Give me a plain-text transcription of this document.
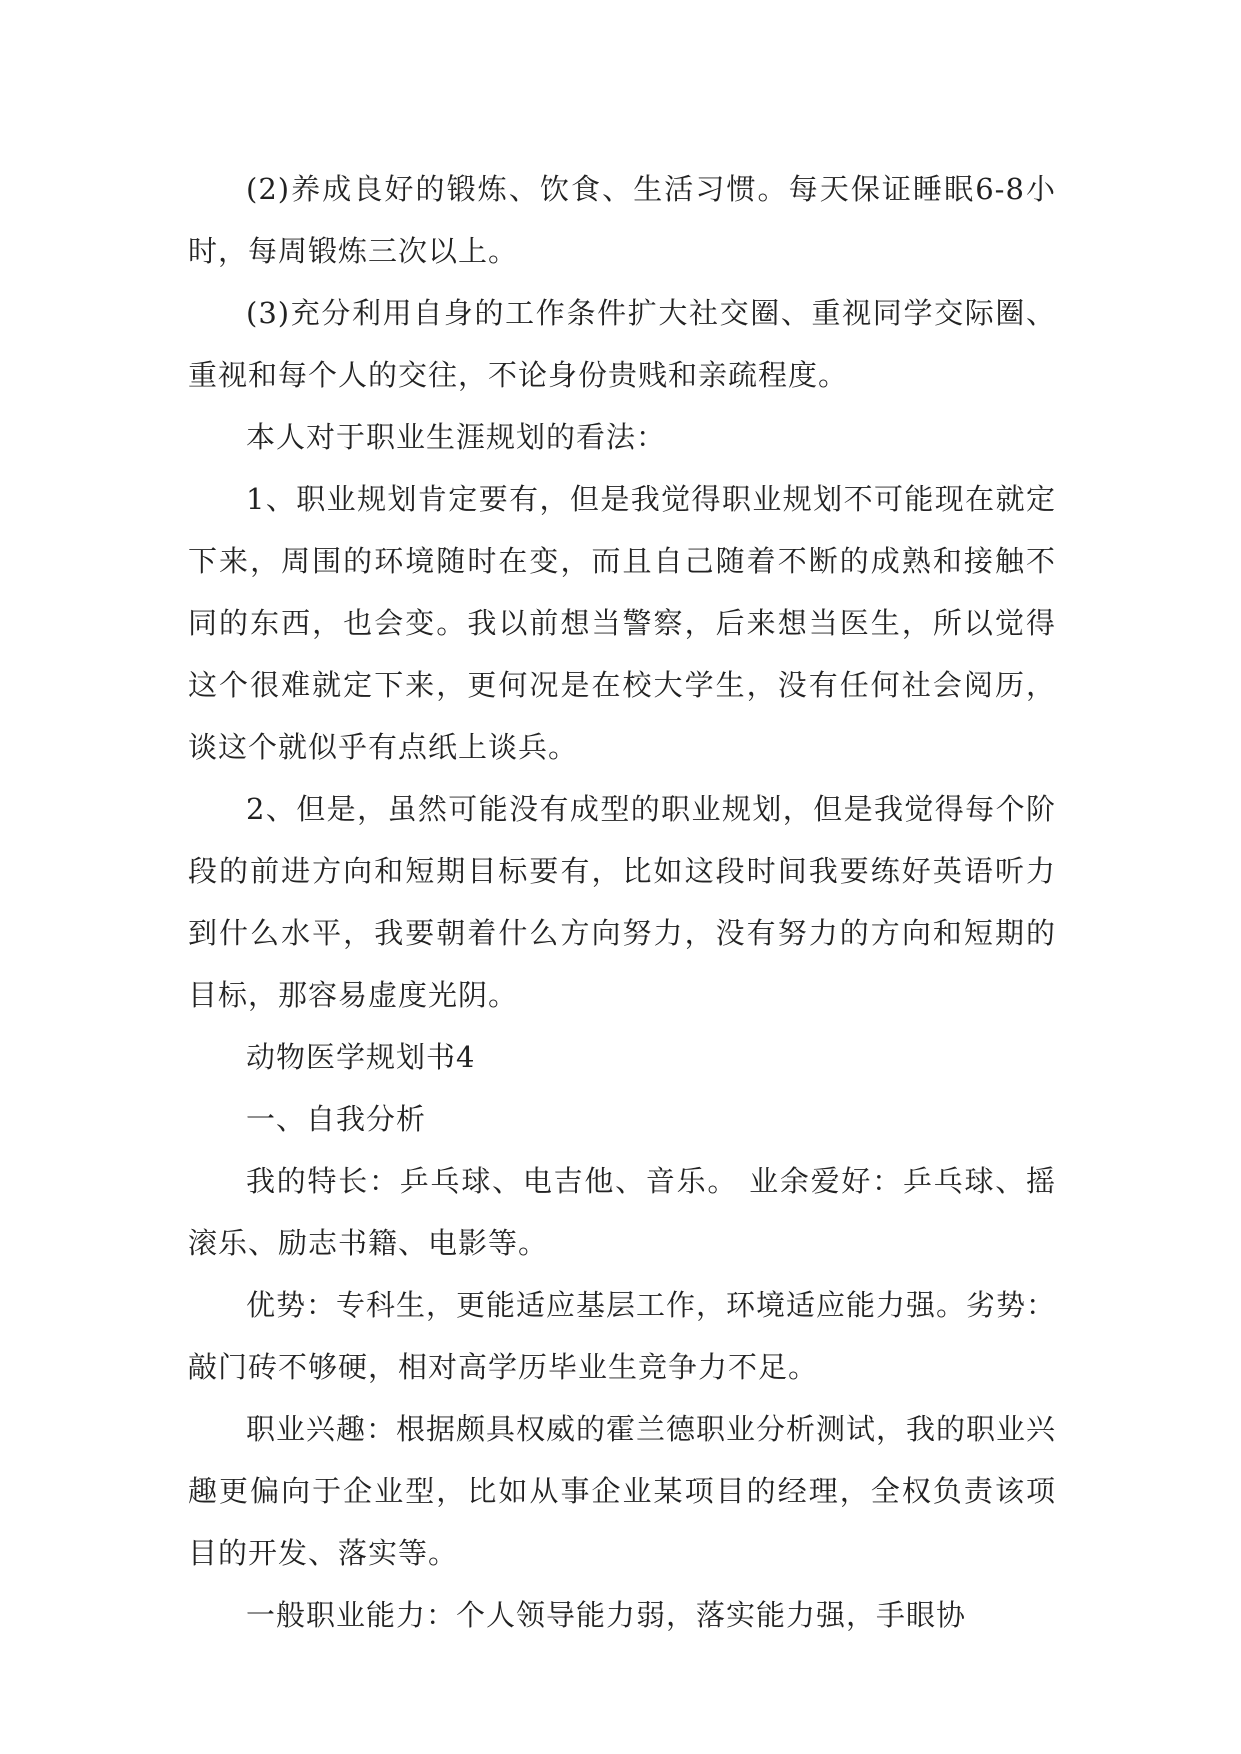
(2)养成良好的锻炼、饮食、生活习惯。每天保证睡眠6-8小时，每周锻炼三次以上。

(3)充分利用自身的工作条件扩大社交圈、重视同学交际圈、重视和每个人的交往，不论身份贵贱和亲疏程度。

本人对于职业生涯规划的看法：

1、职业规划肯定要有，但是我觉得职业规划不可能现在就定下来，周围的环境随时在变，而且自己随着不断的成熟和接触不同的东西，也会变。我以前想当警察，后来想当医生，所以觉得这个很难就定下来，更何况是在校大学生，没有任何社会阅历，谈这个就似乎有点纸上谈兵。

2、但是，虽然可能没有成型的职业规划，但是我觉得每个阶段的前进方向和短期目标要有，比如这段时间我要练好英语听力到什么水平，我要朝着什么方向努力，没有努力的方向和短期的目标，那容易虚度光阴。

动物医学规划书4

一、自我分析

我的特长：乒乓球、电吉他、音乐。 业余爱好：乒乓球、摇滚乐、励志书籍、电影等。

优势：专科生，更能适应基层工作，环境适应能力强。劣势：敲门砖不够硬，相对高学历毕业生竞争力不足。

职业兴趣：根据颇具权威的霍兰德职业分析测试，我的职业兴趣更偏向于企业型，比如从事企业某项目的经理，全权负责该项目的开发、落实等。

一般职业能力：个人领导能力弱，落实能力强，手眼协
